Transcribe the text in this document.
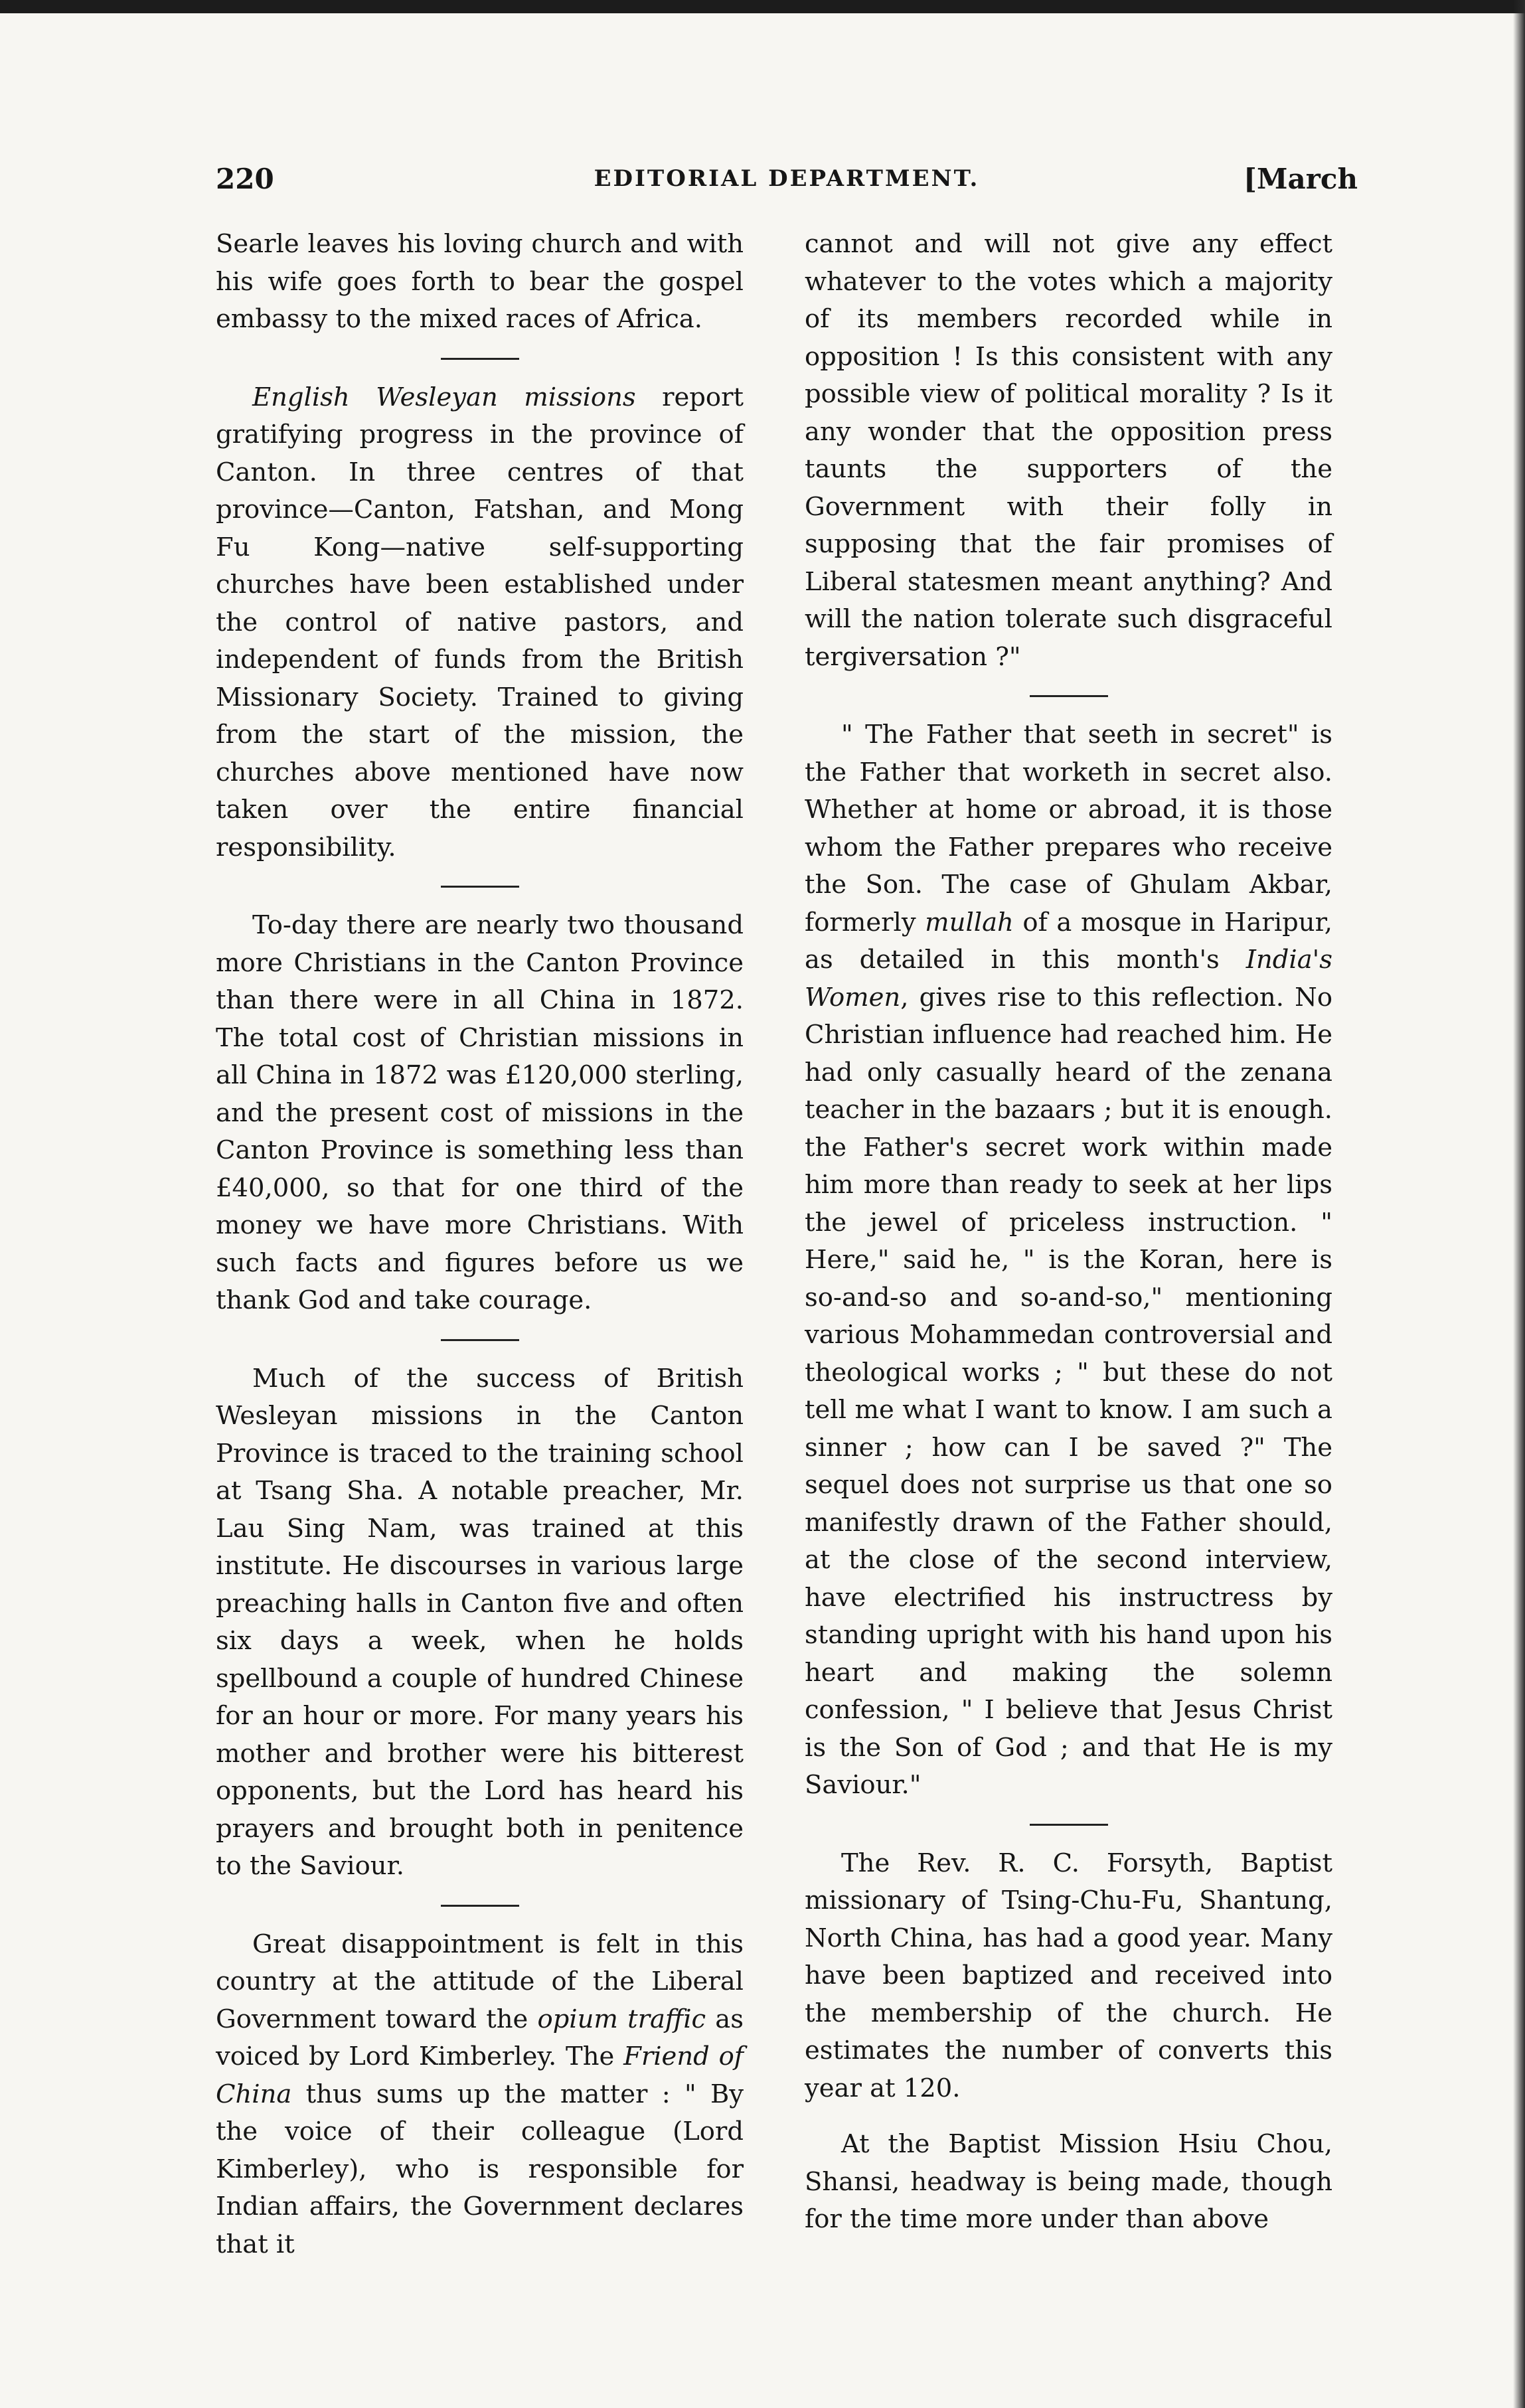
220	EDITORIAL DEPARTMENT.	[March

Searle leaves his loving church and with his wife goes forth to bear the gospel embassy to the mixed races of Africa.

English Wesleyan missions report gratifying progress in the province of Canton. In three centres of that province—Canton, Fatshan, and Mong Fu Kong—native self-supporting churches have been established under the control of native pastors, and independent of funds from the British Missionary Society. Trained to giving from the start of the mission, the churches above mentioned have now taken over the entire financial responsibility.

To-day there are nearly two thousand more Christians in the Canton Province than there were in all China in 1872. The total cost of Christian missions in all China in 1872 was £120,000 sterling, and the present cost of missions in the Canton Province is something less than £40,000, so that for one third of the money we have more Christians. With such facts and figures before us we thank God and take courage.

Much of the success of British Wesleyan missions in the Canton Province is traced to the training school at Tsang Sha. A notable preacher, Mr. Lau Sing Nam, was trained at this institute. He discourses in various large preaching halls in Canton five and often six days a week, when he holds spellbound a couple of hundred Chinese for an hour or more. For many years his mother and brother were his bitterest opponents, but the Lord has heard his prayers and brought both in penitence to the Saviour.

Great disappointment is felt in this country at the attitude of the Liberal Government toward the opium traffic as voiced by Lord Kimberley. The Friend of China thus sums up the matter : " By the voice of their colleague (Lord Kimberley), who is responsible for Indian affairs, the Government declares that it

cannot and will not give any effect whatever to the votes which a majority of its members recorded while in opposition ! Is this consistent with any possible view of political morality ? Is it any wonder that the opposition press taunts the supporters of the Government with their folly in supposing that the fair promises of Liberal statesmen meant anything? And will the nation tolerate such disgraceful tergiversation ?"

" The Father that seeth in secret" is the Father that worketh in secret also. Whether at home or abroad, it is those whom the Father prepares who receive the Son. The case of Ghulam Akbar, formerly mullah of a mosque in Haripur, as detailed in this month's India's Women, gives rise to this reflection. No Christian influence had reached him. He had only casually heard of the zenana teacher in the bazaars ; but it is enough. the Father's secret work within made him more than ready to seek at her lips the jewel of priceless instruction. " Here," said he, " is the Koran, here is so-and-so and so-and-so," mentioning various Mohammedan controversial and theological works ; " but these do not tell me what I want to know. I am such a sinner ; how can I be saved ?" The sequel does not surprise us that one so manifestly drawn of the Father should, at the close of the second interview, have electrified his instructress by standing upright with his hand upon his heart and making the solemn confession, " I believe that Jesus Christ is the Son of God ; and that He is my Saviour."

The Rev. R. C. Forsyth, Baptist missionary of Tsing-Chu-Fu, Shantung, North China, has had a good year. Many have been baptized and received into the membership of the church. He estimates the number of converts this year at 120.

At the Baptist Mission Hsiu Chou, Shansi, headway is being made, though for the time more under than above
